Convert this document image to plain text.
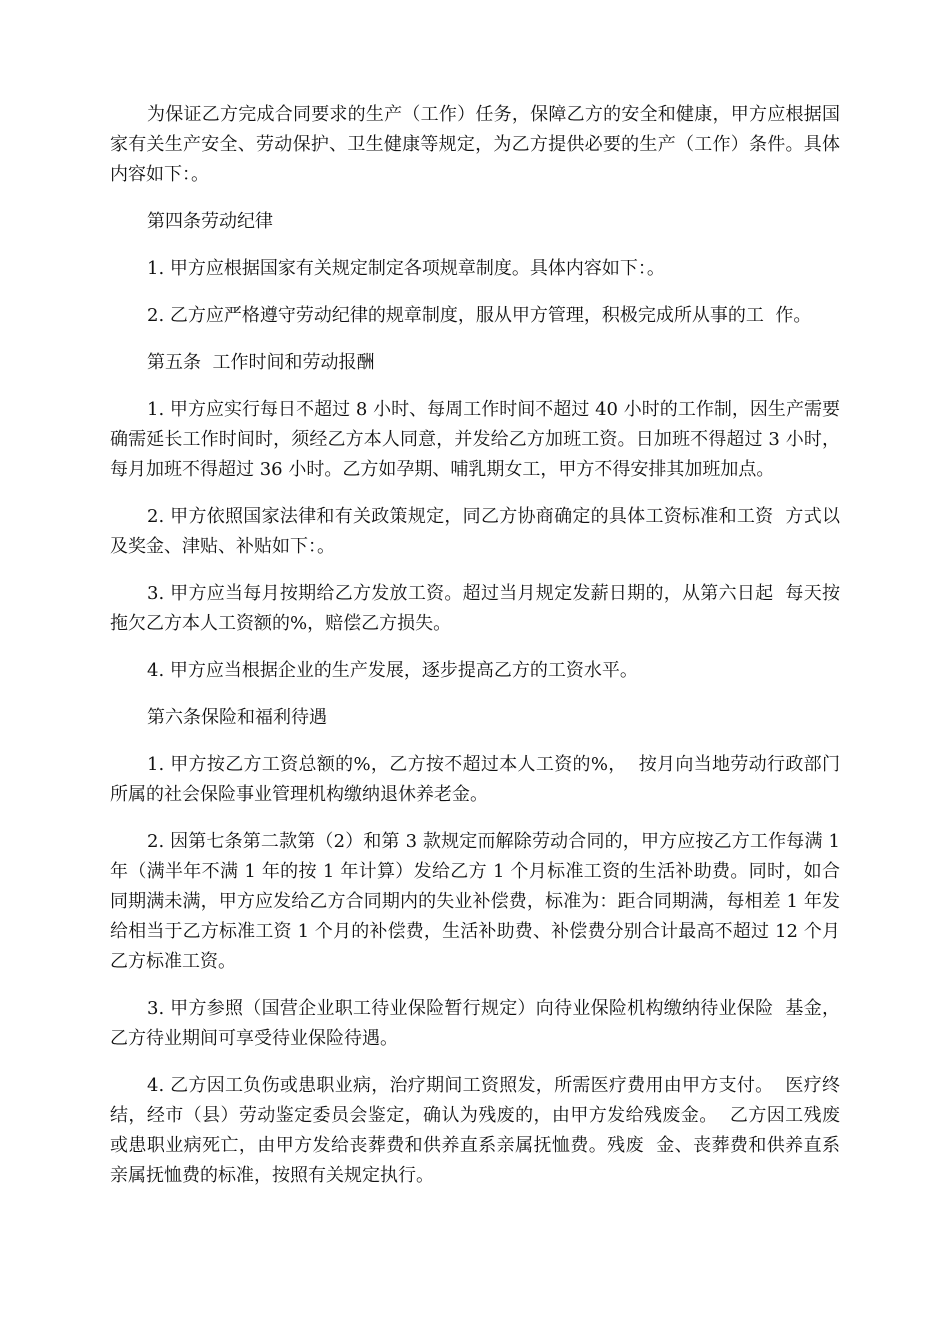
为保证乙方完成合同要求的生产（工作）任务，保障乙方的安全和健康，甲方应根据国家有关生产安全、劳动保护、卫生健康等规定，为乙方提供必要的生产（工作）条件。具体内容如下：。

第四条劳动纪律

1. 甲方应根据国家有关规定制定各项规章制度。具体内容如下：。

2. 乙方应严格遵守劳动纪律的规章制度，服从甲方管理，积极完成所从事的工  作。

第五条  工作时间和劳动报酬

1. 甲方应实行每日不超过 8 小时、每周工作时间不超过 40 小时的工作制，因生产需要确需延长工作时间时，须经乙方本人同意，并发给乙方加班工资。日加班不得超过 3 小时，每月加班不得超过 36 小时。乙方如孕期、哺乳期女工，甲方不得安排其加班加点。

2. 甲方依照国家法律和有关政策规定，同乙方协商确定的具体工资标准和工资  方式以及奖金、津贴、补贴如下：。

3. 甲方应当每月按期给乙方发放工资。超过当月规定发薪日期的，从第六日起  每天按拖欠乙方本人工资额的%，赔偿乙方损失。

4. 甲方应当根据企业的生产发展，逐步提高乙方的工资水平。

第六条保险和福利待遇

1. 甲方按乙方工资总额的%，乙方按不超过本人工资的%，  按月向当地劳动行政部门所属的社会保险事业管理机构缴纳退休养老金。

2. 因第七条第二款第（2）和第 3 款规定而解除劳动合同的，甲方应按乙方工作每满 1 年（满半年不满 1 年的按 1 年计算）发给乙方 1 个月标准工资的生活补助费。同时，如合同期满未满，甲方应发给乙方合同期内的失业补偿费，标准为：距合同期满，每相差 1 年发给相当于乙方标准工资 1 个月的补偿费，生活补助费、补偿费分别合计最高不超过 12 个月乙方标准工资。

3. 甲方参照（国营企业职工待业保险暂行规定）向待业保险机构缴纳待业保险  基金，乙方待业期间可享受待业保险待遇。

4. 乙方因工负伤或患职业病，治疗期间工资照发，所需医疗费用由甲方支付。  医疗终结，经市（县）劳动鉴定委员会鉴定，确认为残废的，由甲方发给残废金。  乙方因工残废或患职业病死亡，由甲方发给丧葬费和供养直系亲属抚恤费。残废  金、丧葬费和供养直系亲属抚恤费的标准，按照有关规定执行。
